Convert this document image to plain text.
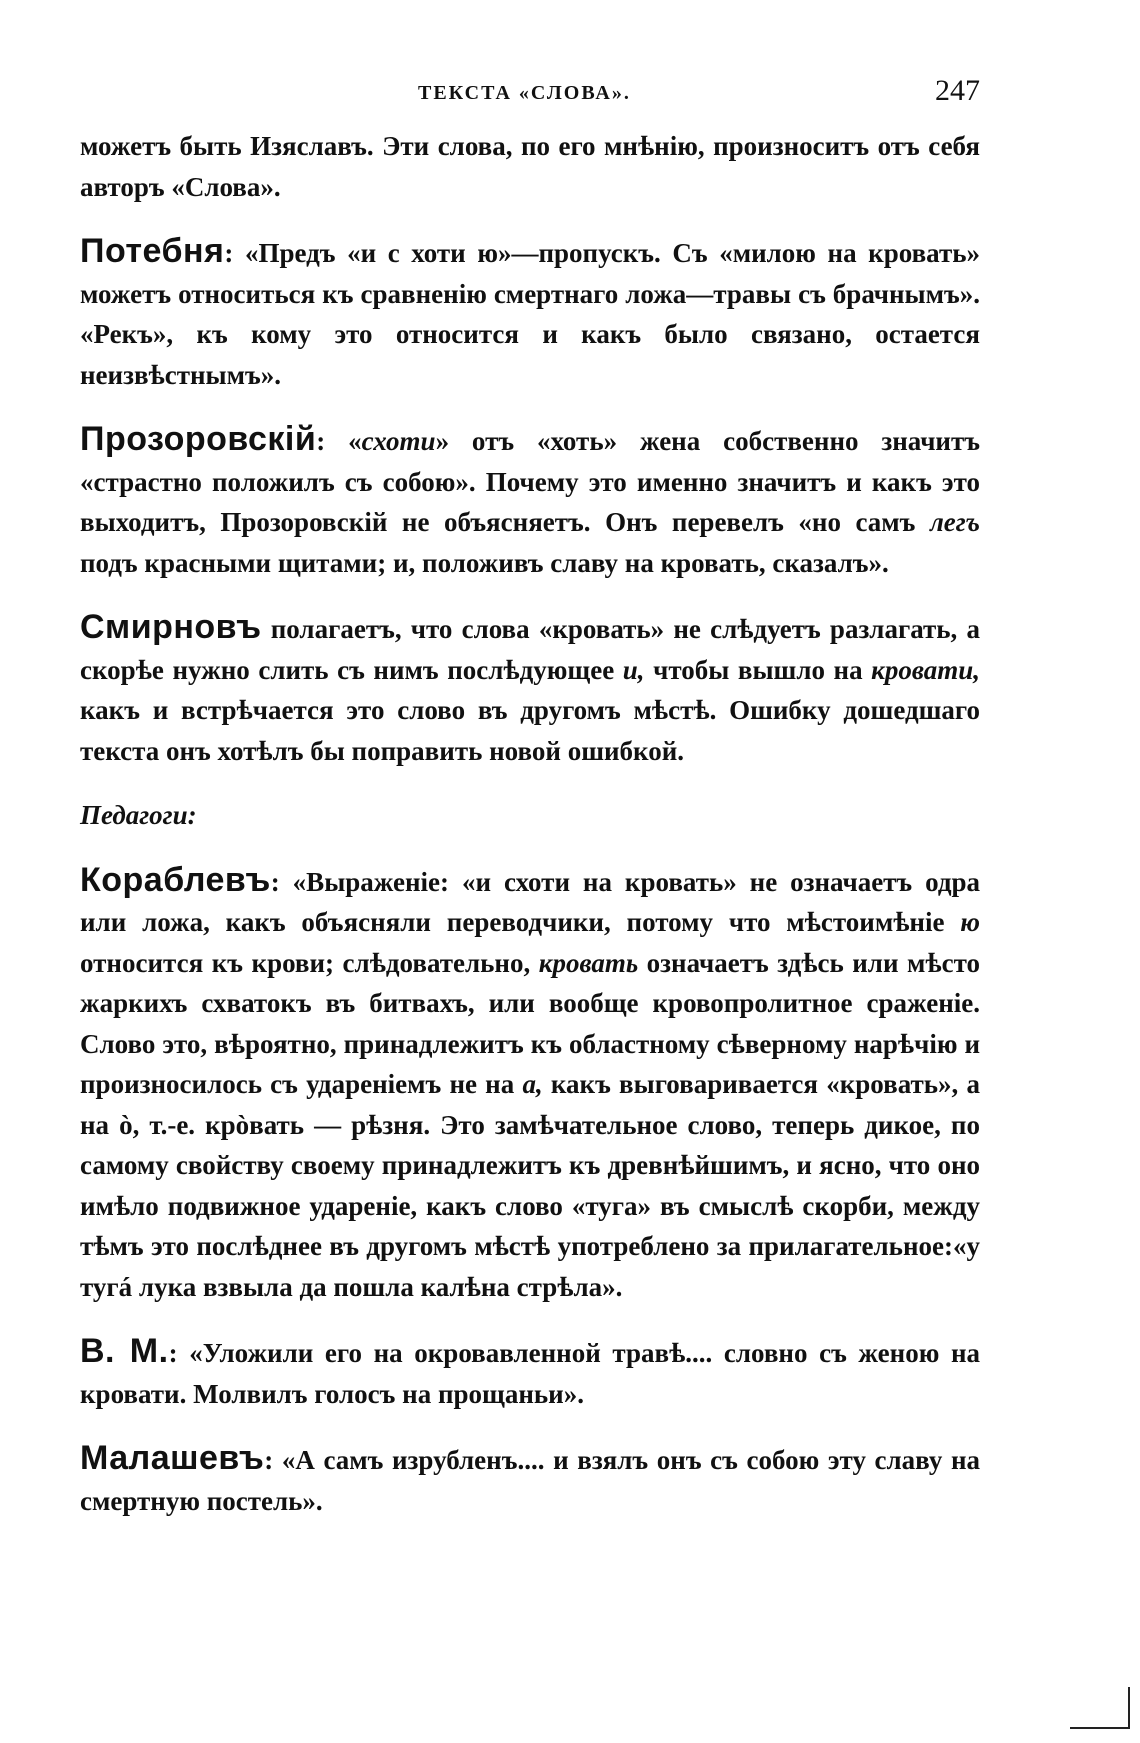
ТЕКСТА «СЛОВА».	247

можетъ быть Изяславъ. Эти слова, по его мнѣнію, произноситъ отъ себя авторъ «Слова».

Потебня: «Предъ «и с хоти ю»—пропускъ. Съ «милою на кровать» можетъ относиться къ сравненію смертнаго ложа—травы съ брачнымъ». «Рекъ», къ кому это относится и какъ было связано, остается неизвѣстнымъ».

Прозоровскій: «схоти» отъ «хоть» жена собственно значитъ «страстно положилъ съ собою». Почему это именно значитъ и какъ это выходитъ, Прозоровскій не объясняетъ. Онъ перевелъ «но самъ легъ подъ красными щитами; и, положивъ славу на кровать, сказалъ».

Смирновъ полагаетъ, что слова «кровать» не слѣдуетъ разлагать, а скорѣе нужно слить съ нимъ послѣдующее и, чтобы вышло на кровати, какъ и встрѣчается это слово въ другомъ мѣстѣ. Ошибку дошедшаго текста онъ хотѣлъ бы поправить новой ошибкой.

Педагоги:

Кораблевъ: «Выраженіе: «и схоти на кровать» не означаетъ одра или ложа, какъ объясняли переводчики, потому что мѣстоимѣніе ю относится къ крови; слѣдовательно, кровать означаетъ здѣсь или мѣсто жаркихъ схватокъ въ битвахъ, или вообще кровопролитное сраженіе. Слово это, вѣроятно, принадлежитъ къ областному сѣверному нарѣчію и произносилось съ удареніемъ не на а, какъ выговаривается «кровать», а на ò, т.-е. крòвать — рѣзня. Это замѣчательное слово, теперь дикое, по самому свойству своему принадлежитъ къ древнѣйшимъ, и ясно, что оно имѣло подвижное удареніе, какъ слово «туга» въ смыслѣ скорби, между тѣмъ это послѣднее въ другомъ мѣстѣ употреблено за прилагательное:«у тугá лука взвыла да пошла калѣна стрѣла».

В. М.: «Уложили его на окровавленной травѣ.... словно съ женою на кровати. Молвилъ голосъ на прощаньи».

Малашевъ: «А самъ изрубленъ.... и взялъ онъ съ собою эту славу на смертную постель».
